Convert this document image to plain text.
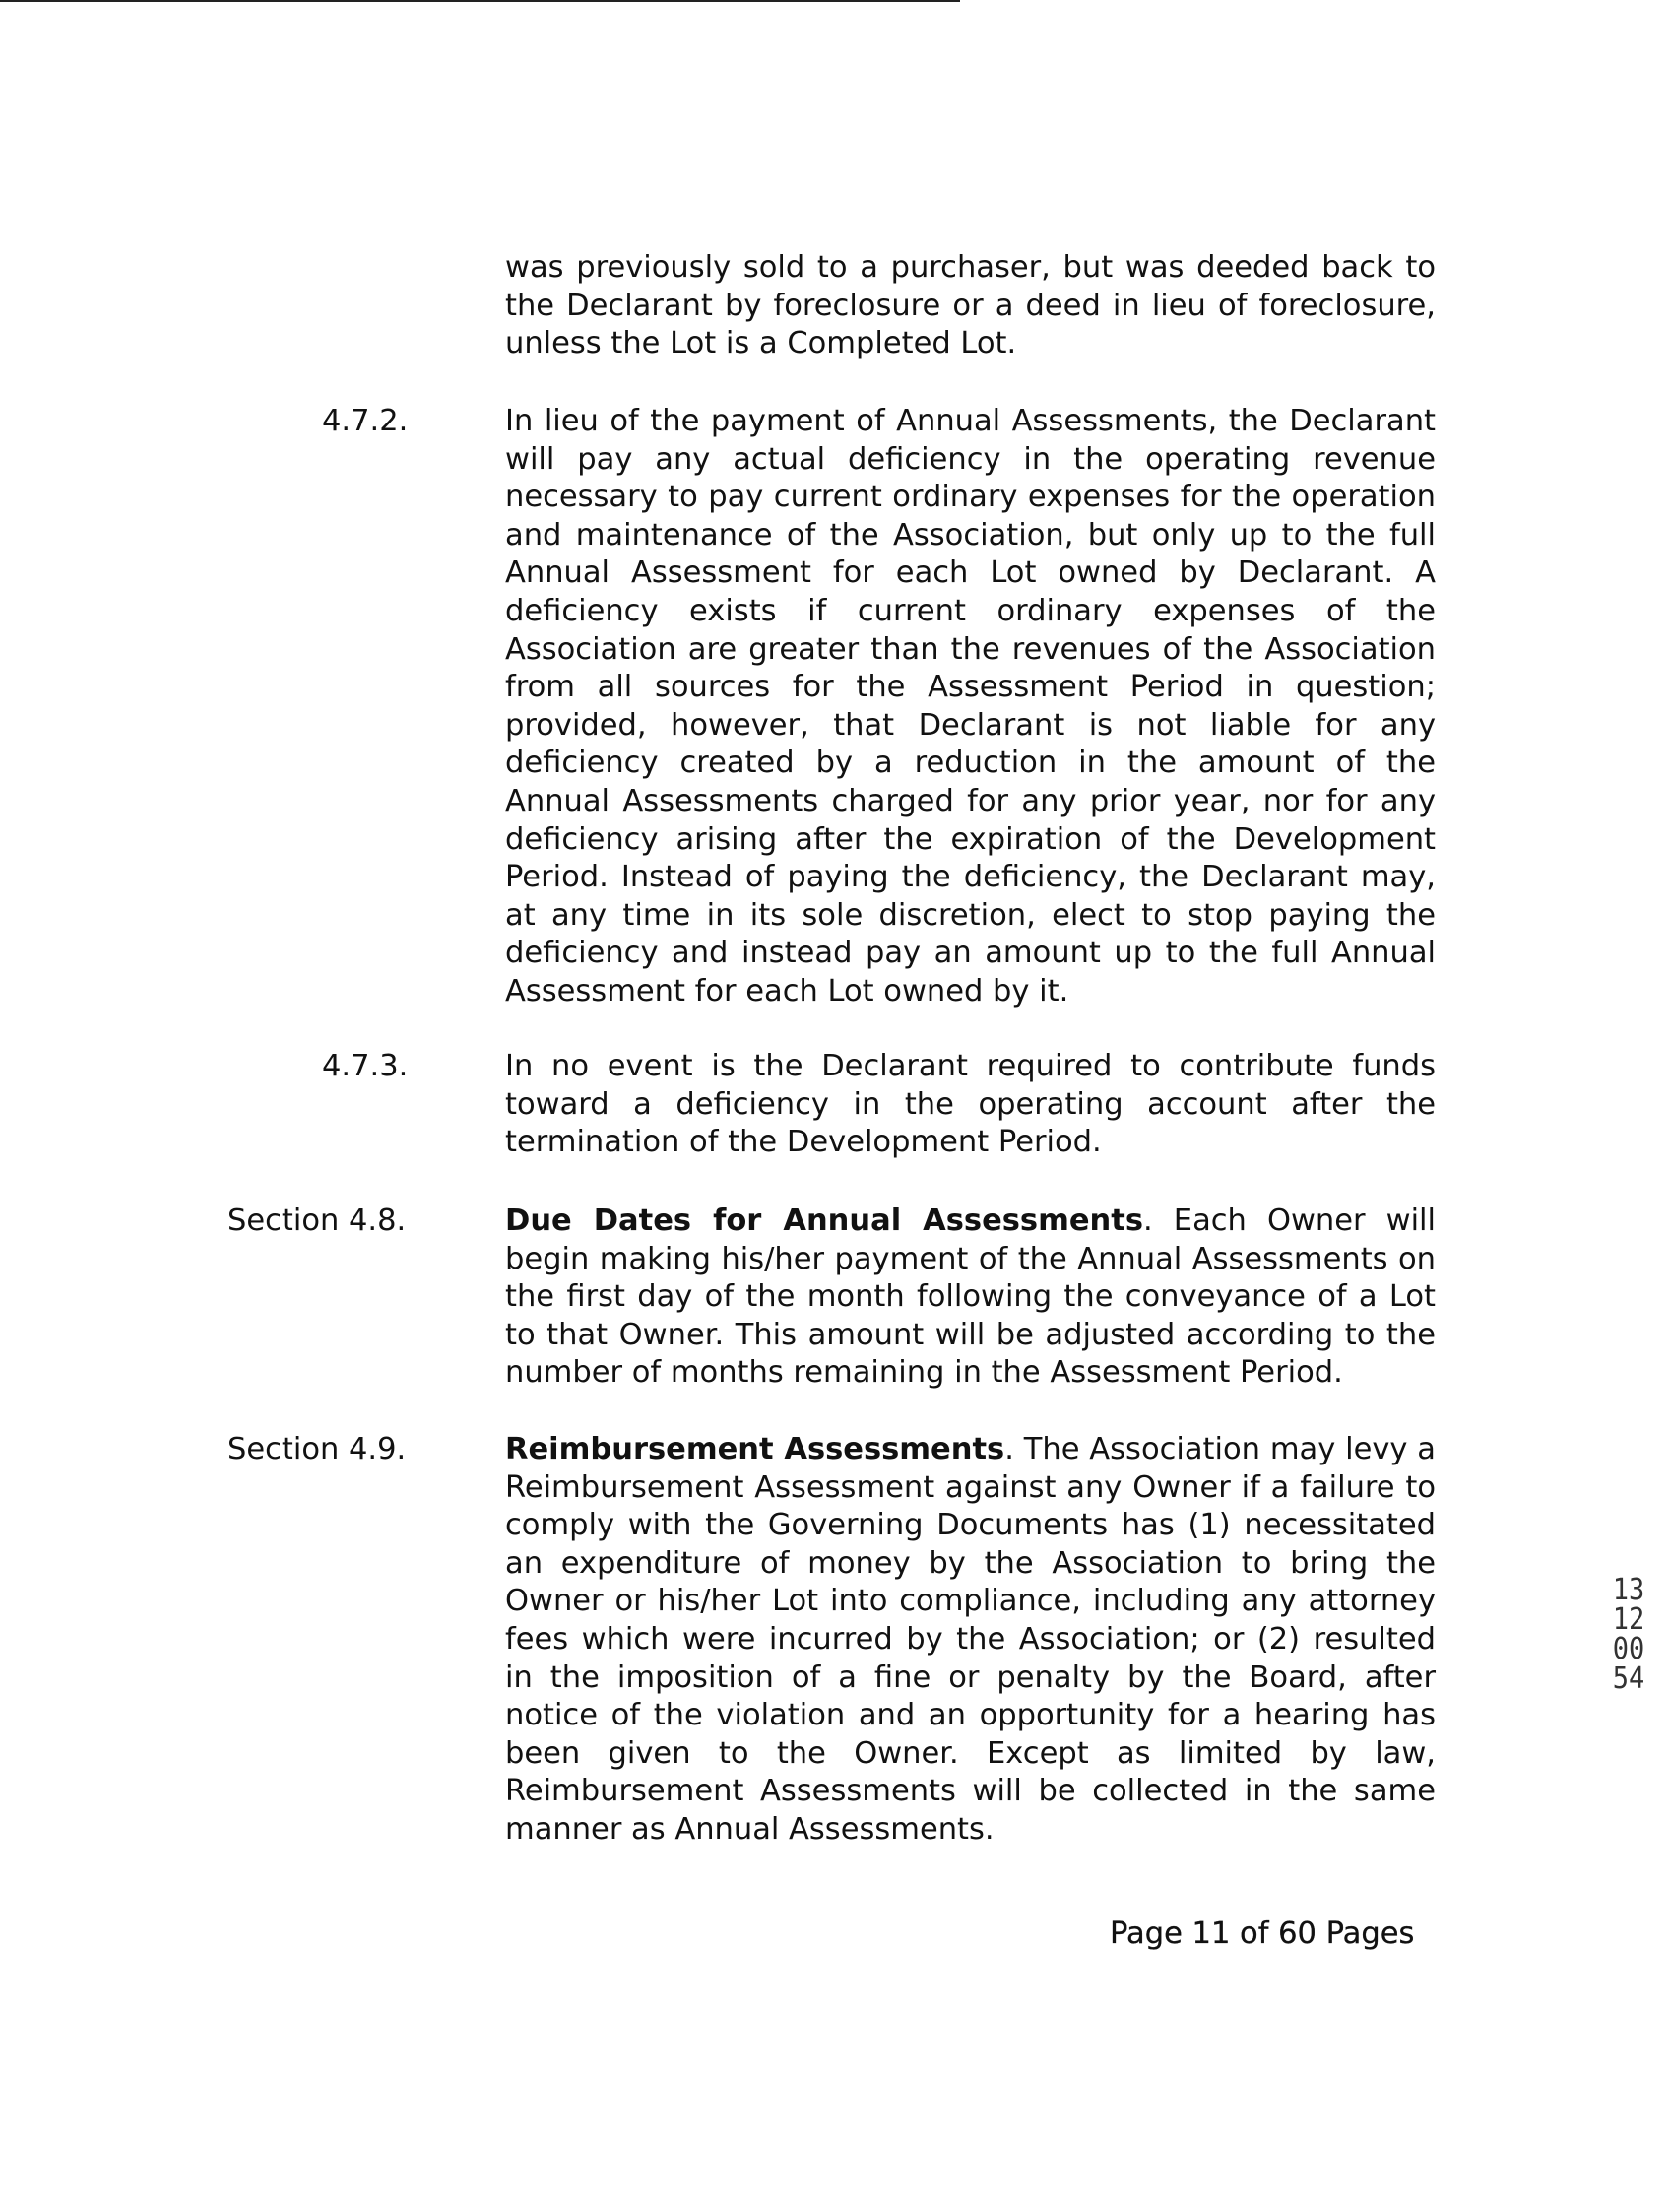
was previously sold to a purchaser, but was deeded back to the Declarant by foreclosure or a deed in lieu of foreclosure, unless the Lot is a Completed Lot.
4.7.2.	In lieu of the payment of Annual Assessments, the Declarant will pay any actual deficiency in the operating revenue necessary to pay current ordinary expenses for the operation and maintenance of the Association, but only up to the full Annual Assessment for each Lot owned by Declarant. A deficiency exists if current ordinary expenses of the Association are greater than the revenues of the Association from all sources for the Assessment Period in question; provided, however, that Declarant is not liable for any deficiency created by a reduction in the amount of the Annual Assessments charged for any prior year, nor for any deficiency arising after the expiration of the Development Period. Instead of paying the deficiency, the Declarant may, at any time in its sole discretion, elect to stop paying the deficiency and instead pay an amount up to the full Annual Assessment for each Lot owned by it.
4.7.3.	In no event is the Declarant required to contribute funds toward a deficiency in the operating account after the termination of the Development Period.
Section 4.8.	Due Dates for Annual Assessments. Each Owner will begin making his/her payment of the Annual Assessments on the first day of the month following the conveyance of a Lot to that Owner. This amount will be adjusted according to the number of months remaining in the Assessment Period.
Section 4.9.	Reimbursement Assessments. The Association may levy a Reimbursement Assessment against any Owner if a failure to comply with the Governing Documents has (1) necessitated an expenditure of money by the Association to bring the Owner or his/her Lot into compliance, including any attorney fees which were incurred by the Association; or (2) resulted in the imposition of a fine or penalty by the Board, after notice of the violation and an opportunity for a hearing has been given to the Owner. Except as limited by law, Reimbursement Assessments will be collected in the same manner as Annual Assessments.
Page 11 of 60 Pages
13120054
